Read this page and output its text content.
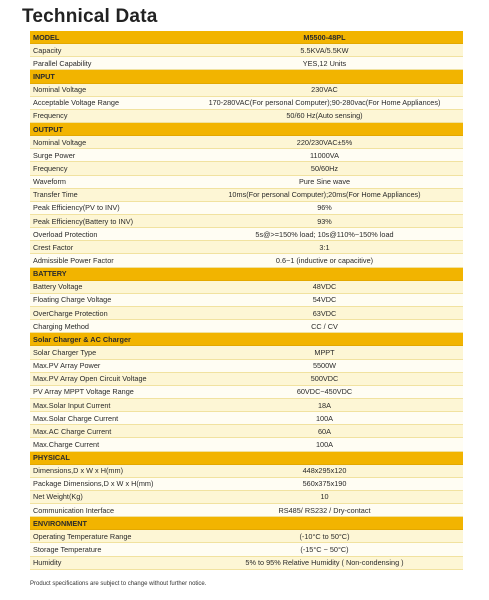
Technical Data
MODEL	M5500-48PL
Capacity	5.5KVA/5.5KW
Parallel Capability	YES,12 Units
INPUT	
Nominal Voltage	230VAC
Acceptable Voltage Range	170-280VAC(For personal Computer);90-280vac(For Home Appliances)
Frequency	50/60 Hz(Auto sensing)
OUTPUT	
Nominal Voltage	220/230VAC±5%
Surge Power	11000VA
Frequency	50/60Hz
Waveform	Pure Sine wave
Transfer Time	10ms(For personal Computer);20ms(For Home Appliances)
Peak Efficiency(PV to INV)	96%
Peak Efficiency(Battery to INV)	93%
Overload Protection	5s@>=150% load; 10s@110%~150% load
Crest Factor	3:1
Admissible Power Factor	0.6~1 (inductive or capacitive)
BATTERY	
Battery Voltage	48VDC
Floating Charge Voltage	54VDC
OverCharge Protection	63VDC
Charging Method	CC / CV
Solar Charger & AC Charger	
Solar Charger Type	MPPT
Max.PV Array Power	5500W
Max.PV Array Open Circuit Voltage	500VDC
PV Array MPPT Voltage Range	60VDC~450VDC
Max.Solar Input Current	18A
Max.Solar Charge Current	100A
Max.AC Charge Current	60A
Max.Charge Current	100A
PHYSICAL	
Dimensions,D x W x H(mm)	448x295x120
Package Dimensions,D x W x H(mm)	560x375x190
Net Weight(Kg)	10
Communication Interface	RS485/ RS232 / Dry-contact
ENVIRONMENT	
Operating Temperature Range	(-10°C to 50°C)
Storage Temperature	(-15°C ~ 50°C)
Humidity	5% to 95% Relative Humidity ( Non-condensing )

Product specifications are subject to change without further notice.
